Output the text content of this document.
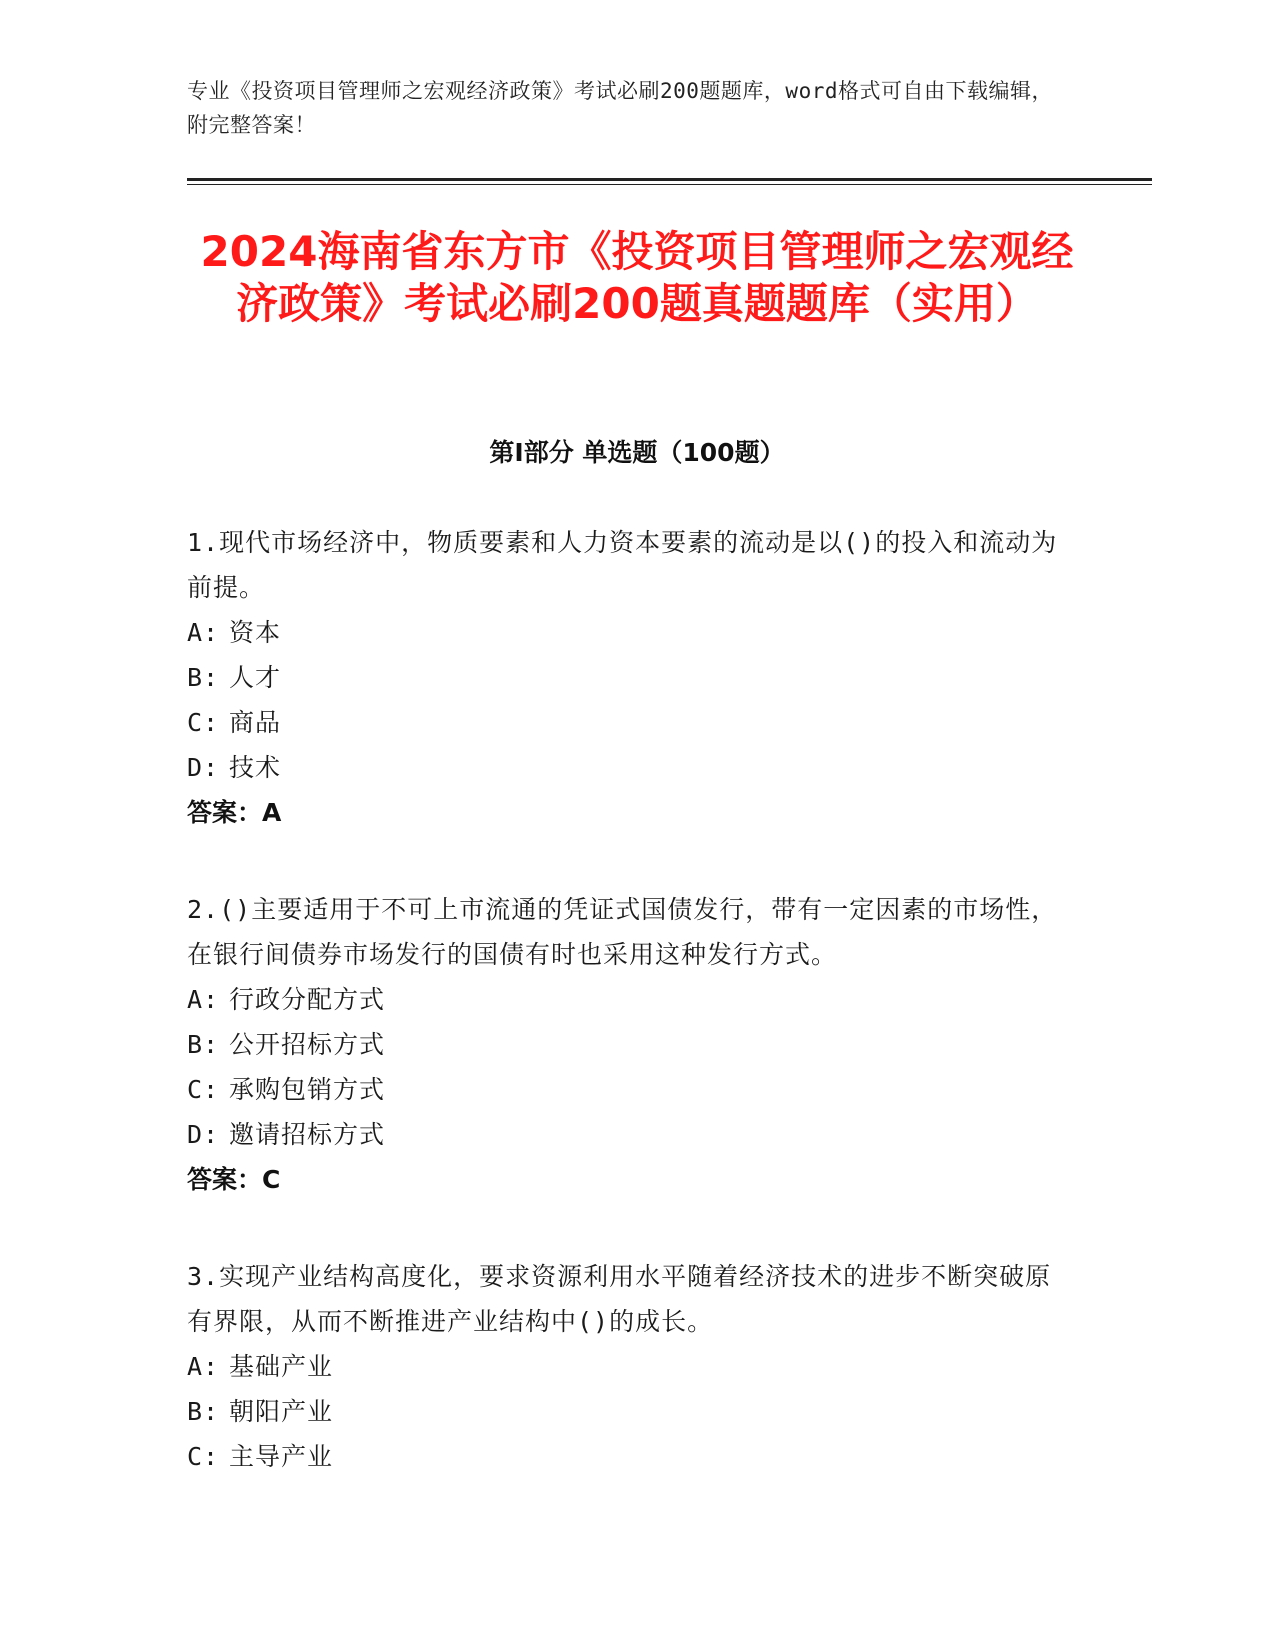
专业《投资项目管理师之宏观经济政策》考试必刷200题题库，word格式可自由下载编辑，附完整答案！
2024海南省东方市《投资项目管理师之宏观经济政策》考试必刷200题真题题库（实用）
第Ⅰ部分 单选题（100题）

1.现代市场经济中，物质要素和人力资本要素的流动是以()的投入和流动为前提。

A: 资本
B: 人才
C: 商品
D: 技术

答案：A

2.()主要适用于不可上市流通的凭证式国债发行，带有一定因素的市场性，在银行间债券市场发行的国债有时也采用这种发行方式。

A: 行政分配方式
B: 公开招标方式
C: 承购包销方式
D: 邀请招标方式

答案：C

3.实现产业结构高度化，要求资源利用水平随着经济技术的进步不断突破原有界限，从而不断推进产业结构中()的成长。

A: 基础产业
B: 朝阳产业
C: 主导产业
